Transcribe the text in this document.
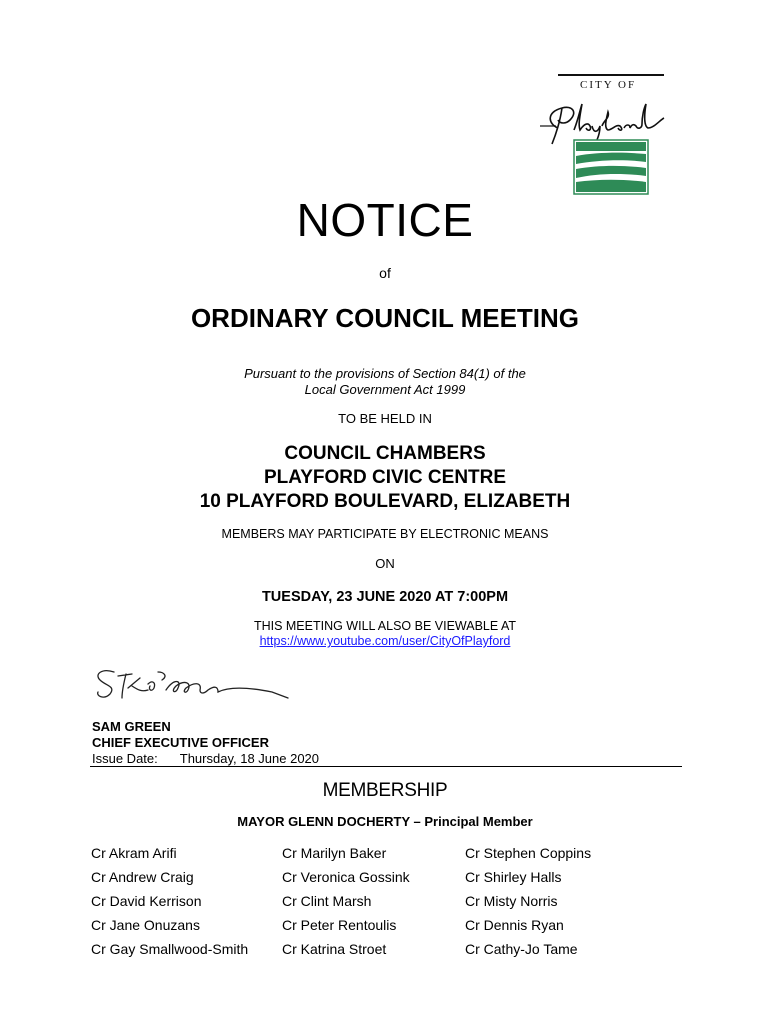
CITY OF
NOTICE
of
ORDINARY COUNCIL MEETING
Pursuant to the provisions of Section 84(1) of the
Local Government Act 1999
TO BE HELD IN
COUNCIL CHAMBERS
PLAYFORD CIVIC CENTRE
10 PLAYFORD BOULEVARD, ELIZABETH
MEMBERS MAY PARTICIPATE BY ELECTRONIC MEANS
ON
TUESDAY, 23 JUNE 2020 AT 7:00PM
THIS MEETING WILL ALSO BE VIEWABLE AT
https://www.youtube.com/user/CityOfPlayford
SAM GREEN
CHIEF EXECUTIVE OFFICER
Issue Date: Thursday, 18 June 2020
MEMBERSHIP
MAYOR GLENN DOCHERTY – Principal Member
Cr Akram Arifi
Cr Andrew Craig
Cr David Kerrison
Cr Jane Onuzans
Cr Gay Smallwood-Smith
Cr Marilyn Baker
Cr Veronica Gossink
Cr Clint Marsh
Cr Peter Rentoulis
Cr Katrina Stroet
Cr Stephen Coppins
Cr Shirley Halls
Cr Misty Norris
Cr Dennis Ryan
Cr Cathy-Jo Tame
